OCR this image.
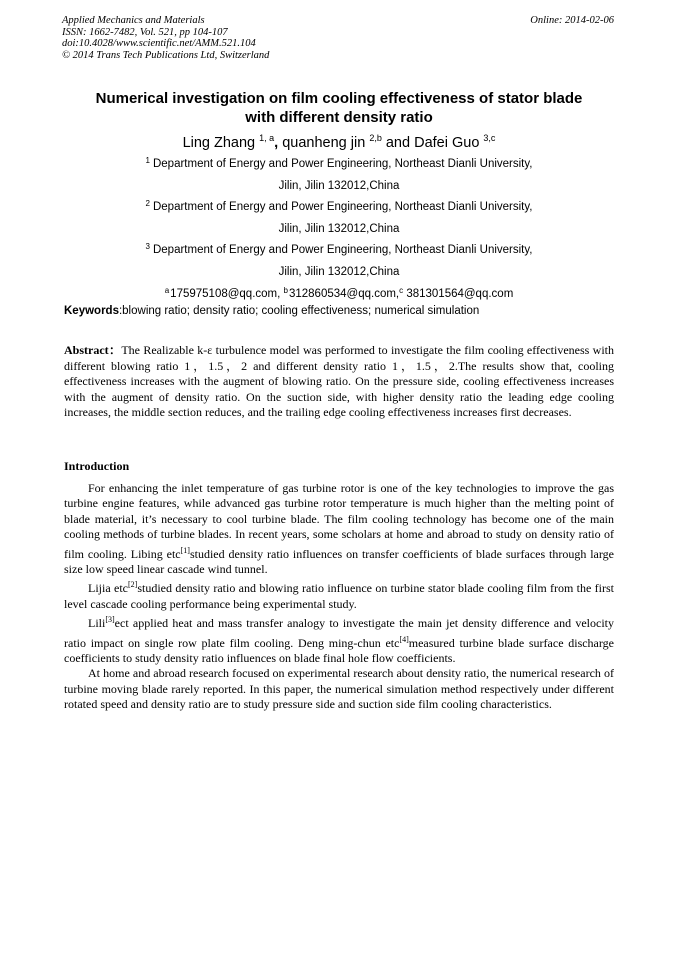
Applied Mechanics and Materials
ISSN: 1662-7482, Vol. 521, pp 104-107
doi:10.4028/www.scientific.net/AMM.521.104
© 2014 Trans Tech Publications Ltd, Switzerland
Online: 2014-02-06
Numerical investigation on film cooling effectiveness of stator blade
with different density ratio
Ling Zhang $^{1, a}$, quanheng jin $^{2,b}$ and Dafei Guo $^{3,c}$
$^1$ Department of Energy and Power Engineering, Northeast Dianli University,
Jilin, Jilin 132012,China
$^2$ Department of Energy and Power Engineering, Northeast Dianli University,
Jilin, Jilin 132012,China
$^3$ Department of Energy and Power Engineering, Northeast Dianli University,
Jilin, Jilin 132012,China
$^a$175975108@qq.com, $^b$312860534@qq.com,$^c$ 381301564@qq.com
Keywords:blowing ratio; density ratio; cooling effectiveness; numerical simulation
Abstract：The Realizable k-ε turbulence model was performed to investigate the film cooling effectiveness with different blowing ratio 1，1.5，2 and different density ratio 1，1.5，2.The results show that, cooling effectiveness increases with the augment of blowing ratio. On the pressure side, cooling effectiveness increases with the augment of density ratio. On the suction side, with higher density ratio the leading edge cooling increases, the middle section reduces, and the trailing edge cooling effectiveness increases first decreases.
Introduction

For enhancing the inlet temperature of gas turbine rotor is one of the key technologies to improve the gas turbine engine features, while advanced gas turbine rotor temperature is much higher than the melting point of blade material, it’s necessary to cool turbine blade. The film cooling technology has become one of the main cooling methods of turbine blades. In recent years, some scholars at home and abroad to study on density ratio of film cooling. Libing etc[1]studied density ratio influences on transfer coefficients of blade surfaces through large size low speed linear cascade wind tunnel.

Lijia etc[2]studied density ratio and blowing ratio influence on turbine stator blade cooling film from the first level cascade cooling performance being experimental study.

Lili[3]ect applied heat and mass transfer analogy to investigate the main jet density difference and velocity ratio impact on single row plate film cooling. Deng ming-chun etc[4]measured turbine blade surface discharge coefficients to study density ratio influences on blade final hole flow coefficients.

At home and abroad research focused on experimental research about density ratio, the numerical research of turbine moving blade rarely reported. In this paper, the numerical simulation method respectively under different rotated speed and density ratio are to study pressure side and suction side film cooling characteristics.
